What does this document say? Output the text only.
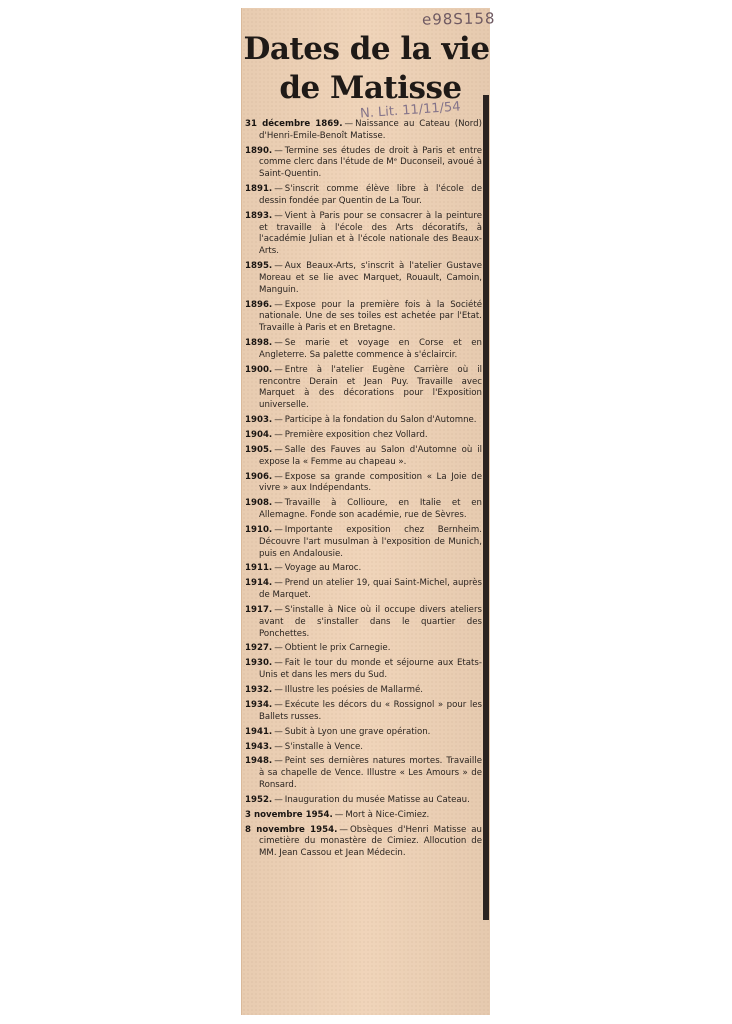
e98S158
Dates de la vie
de Matisse
N. Lit. 11/11/54
31 décembre 1869. — Naissance au Cateau (Nord) d'Henri-Emile-Benoît Matisse.
1890. — Termine ses études de droit à Paris et entre comme clerc dans l'étude de Mᵉ Duconseil, avoué à Saint-Quentin.
1891. — S'inscrit comme élève libre à l'école de dessin fondée par Quentin de La Tour.
1893. — Vient à Paris pour se consacrer à la peinture et travaille à l'école des Arts décoratifs, à l'académie Julian et à l'école nationale des Beaux-Arts.
1895. — Aux Beaux-Arts, s'inscrit à l'atelier Gustave Moreau et se lie avec Marquet, Rouault, Camoin, Manguin.
1896. — Expose pour la première fois à la Société nationale. Une de ses toiles est achetée par l'Etat. Travaille à Paris et en Bretagne.
1898. — Se marie et voyage en Corse et en Angleterre. Sa palette commence à s'éclaircir.
1900. — Entre à l'atelier Eugène Carrière où il rencontre Derain et Jean Puy. Travaille avec Marquet à des décorations pour l'Exposition universelle.
1903. — Participe à la fondation du Salon d'Automne.
1904. — Première exposition chez Vollard.
1905. — Salle des Fauves au Salon d'Automne où il expose la « Femme au chapeau ».
1906. — Expose sa grande composition « La Joie de vivre » aux Indépendants.
1908. — Travaille à Collioure, en Italie et en Allemagne. Fonde son académie, rue de Sèvres.
1910. — Importante exposition chez Bernheim. Découvre l'art musulman à l'exposition de Munich, puis en Andalousie.
1911. — Voyage au Maroc.
1914. — Prend un atelier 19, quai Saint-Michel, auprès de Marquet.
1917. — S'installe à Nice où il occupe divers ateliers avant de s'installer dans le quartier des Ponchettes.
1927. — Obtient le prix Carnegie.
1930. — Fait le tour du monde et séjourne aux Etats-Unis et dans les mers du Sud.
1932. — Illustre les poésies de Mallarmé.
1934. — Exécute les décors du « Rossignol » pour les Ballets russes.
1941. — Subit à Lyon une grave opération.
1943. — S'installe à Vence.
1948. — Peint ses dernières natures mortes. Travaille à sa chapelle de Vence. Illustre « Les Amours » de Ronsard.
1952. — Inauguration du musée Matisse au Cateau.
3 novembre 1954. — Mort à Nice-Cimiez.
8 novembre 1954. — Obsèques d'Henri Matisse au cimetière du monastère de Cimiez. Allocution de MM. Jean Cassou et Jean Médecin.
